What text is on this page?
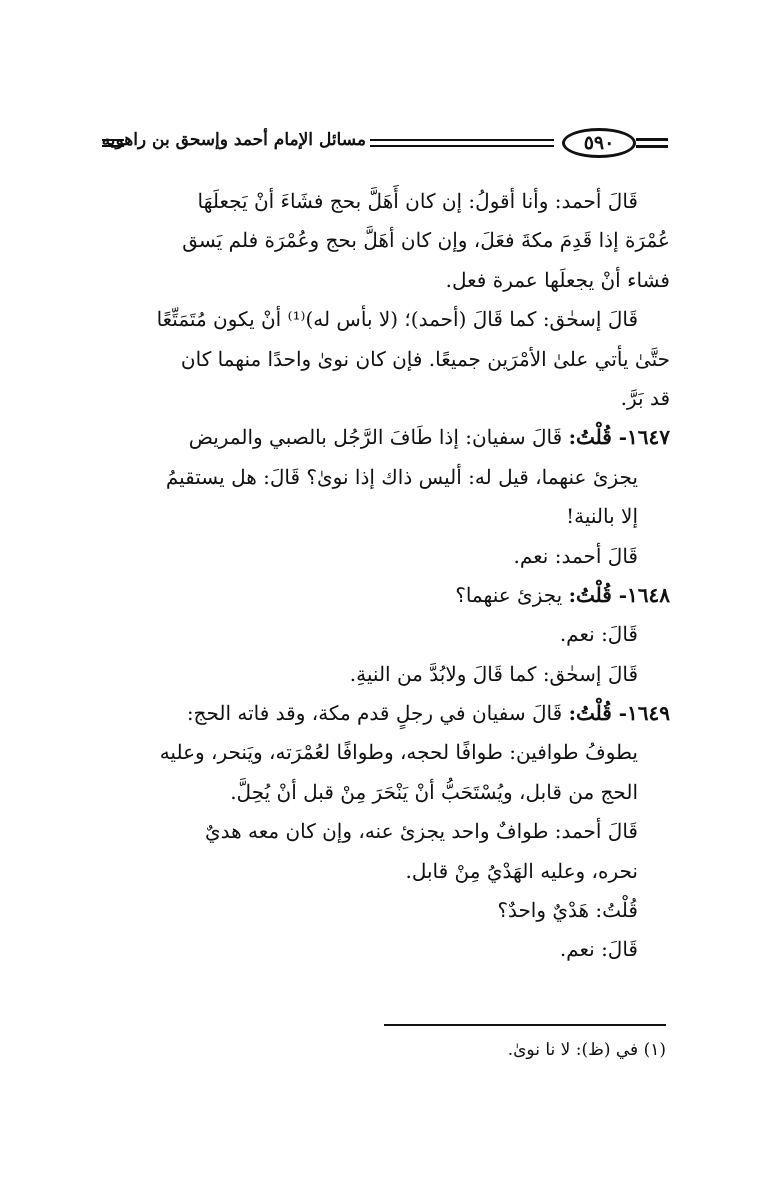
مسائل الإمام أحمد وإسحق بن راهويه	٥٩٠
قَالَ أحمد: وأنا أقولُ: إن كان أَهَلَّ بحج فشَاءَ أنْ يَجعلَهَا
عُمْرَة إذا قَدِمَ مكةَ فعَلَ، وإن كان أهَلَّ بحج وعُمْرَة فلم يَسق
فشاء أنْ يجعلَها عمرة فعل.
قَالَ إسحٰق: كما قَالَ (أحمد)؛ (لا بأس له)⁽¹⁾ أنْ يكون مُتَمَتِّعًا
حتَّىٰ يأتي علىٰ الأمْرَين جميعًا. فإن كان نوىٰ واحدًا منهما كان
قد بَرَّ.
١٦٤٧- قُلْتُ: قَالَ سفيان: إذا طَافَ الرَّجُل بالصبي والمريض
يجزئ عنهما، قيل له: أليس ذاك إذا نوىٰ؟ قَالَ: هل يستقيمُ
إلا بالنية!
قَالَ أحمد: نعم.
١٦٤٨- قُلْتُ: يجزئ عنهما؟
قَالَ: نعم.
قَالَ إسحٰق: كما قَالَ ولابُدَّ من النيةِ.
١٦٤٩- قُلْتُ: قَالَ سفيان في رجلٍ قدم مكة، وقد فاته الحج:
يطوفُ طوافين: طوافًا لحجه، وطوافًا لعُمْرَته، ويَنحر، وعليه
الحج من قابل، ويُسْتَحَبُّ أنْ يَنْحَرَ مِنْ قبل أنْ يُحِلَّ.
قَالَ أحمد: طوافٌ واحد يجزئ عنه، وإن كان معه هديٌ
نحره، وعليه الهَدْيُ مِنْ قابل.
قُلْتُ: هَدْيٌ واحدٌ؟
قَالَ: نعم.
(١) في (ظ): لا نا نوىٰ.
